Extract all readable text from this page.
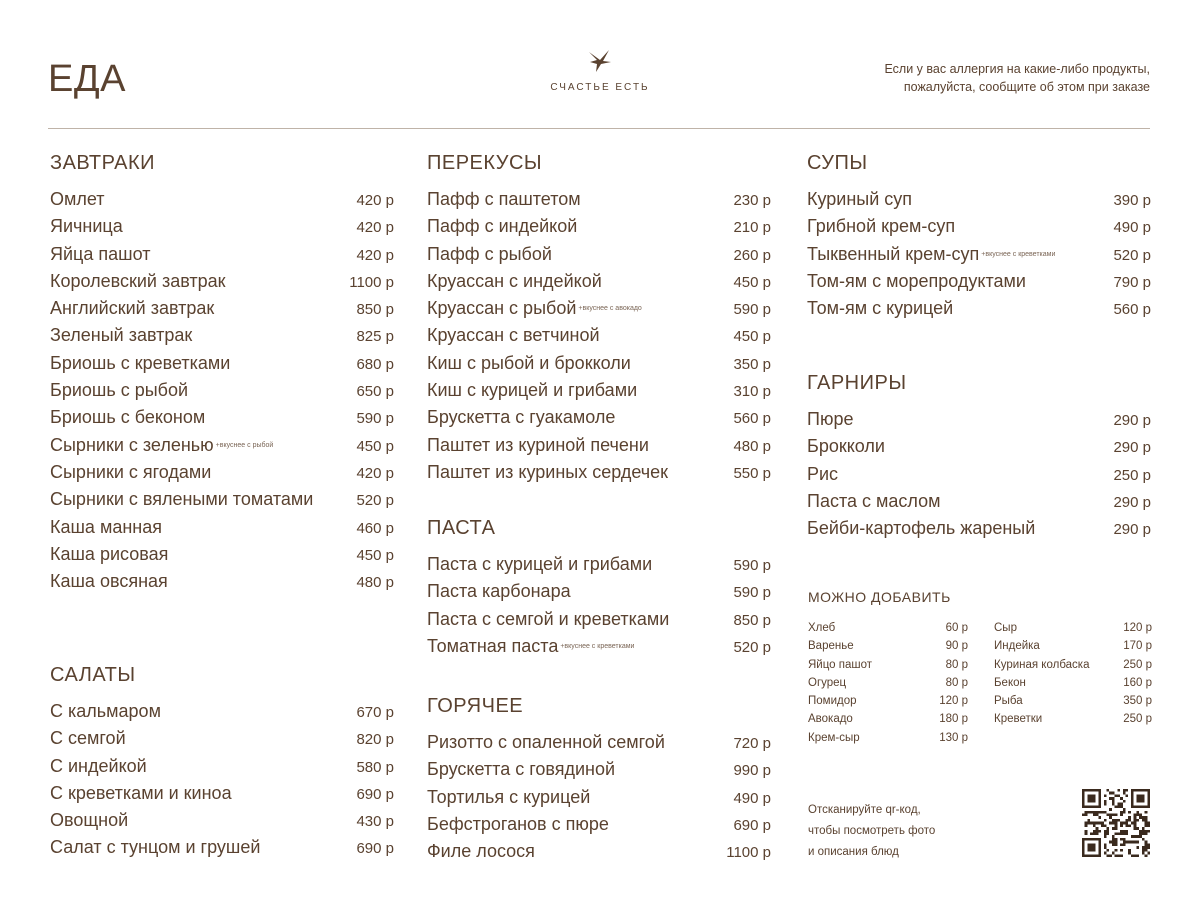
ЕДА	СЧАСТЬЕ ЕСТЬ
Если у вас аллергия на какие-либо продукты,
пожалуйста, сообщите об этом при заказе
ЗАВТРАКИ
Омлет	420 р
Яичница	420 р
Яйца пашот	420 р
Королевский завтрак	1100 р
Английский завтрак	850 р
Зеленый завтрак	825 р
Бриошь с креветками	680 р
Бриошь с рыбой	650 р
Бриошь с беконом	590 р
Сырники с зеленью $^{+вкуснее с рыбой}$	450 р
Сырники с ягодами	420 р
Сырники с вялеными томатами	520 р
Каша манная	460 р
Каша рисовая	450 р
Каша овсяная	480 р
САЛАТЫ
С кальмаром	670 р
С семгой	820 р
С индейкой	580 р
С креветками и киноа	690 р
Овощной	430 р
Салат с тунцом и грушей	690 р
ПЕРЕКУСЫ
Пафф с паштетом	230 р
Пафф с индейкой	210 р
Пафф с рыбой	260 р
Круассан с индейкой	450 р
Круассан с рыбой $^{+вкуснее с авокадо}$	590 р
Круассан с ветчиной	450 р
Киш с рыбой и брокколи	350 р
Киш с курицей и грибами	310 р
Брускетта с гуакамоле	560 р
Паштет из куриной печени	480 р
Паштет из куриных сердечек	550 р
ПАСТА
Паста с курицей и грибами	590 р
Паста карбонара	590 р
Паста с семгой и креветками	850 р
Томатная паста $^{+вкуснее с креветками}$	520 р
ГОРЯЧЕЕ
Ризотто с опаленной семгой	720 р
Брускетта с говядиной	990 р
Тортилья с курицей	490 р
Бефстроганов с пюре	690 р
Филе лосося	1100 р
СУПЫ
Куриный суп	390 р
Грибной крем-суп	490 р
Тыквенный крем-суп $^{+вкуснее с креветками}$	520 р
Том-ям с морепродуктами	790 р
Том-ям с курицей	560 р
ГАРНИРЫ
Пюре	290 р
Брокколи	290 р
Рис	250 р
Паста с маслом	290 р
Бейби-картофель жареный	290 р
МОЖНО ДОБАВИТЬ
Хлеб	60 р
Варенье	90 р
Яйцо пашот	80 р
Огурец	80 р
Помидор	120 р
Авокадо	180 р
Крем-сыр	130 р
Сыр	120 р
Индейка	170 р
Куриная колбаска	250 р
Бекон	160 р
Рыба	350 р
Креветки	250 р
Отсканируйте qr-код,
чтобы посмотреть фото
и описания блюд
